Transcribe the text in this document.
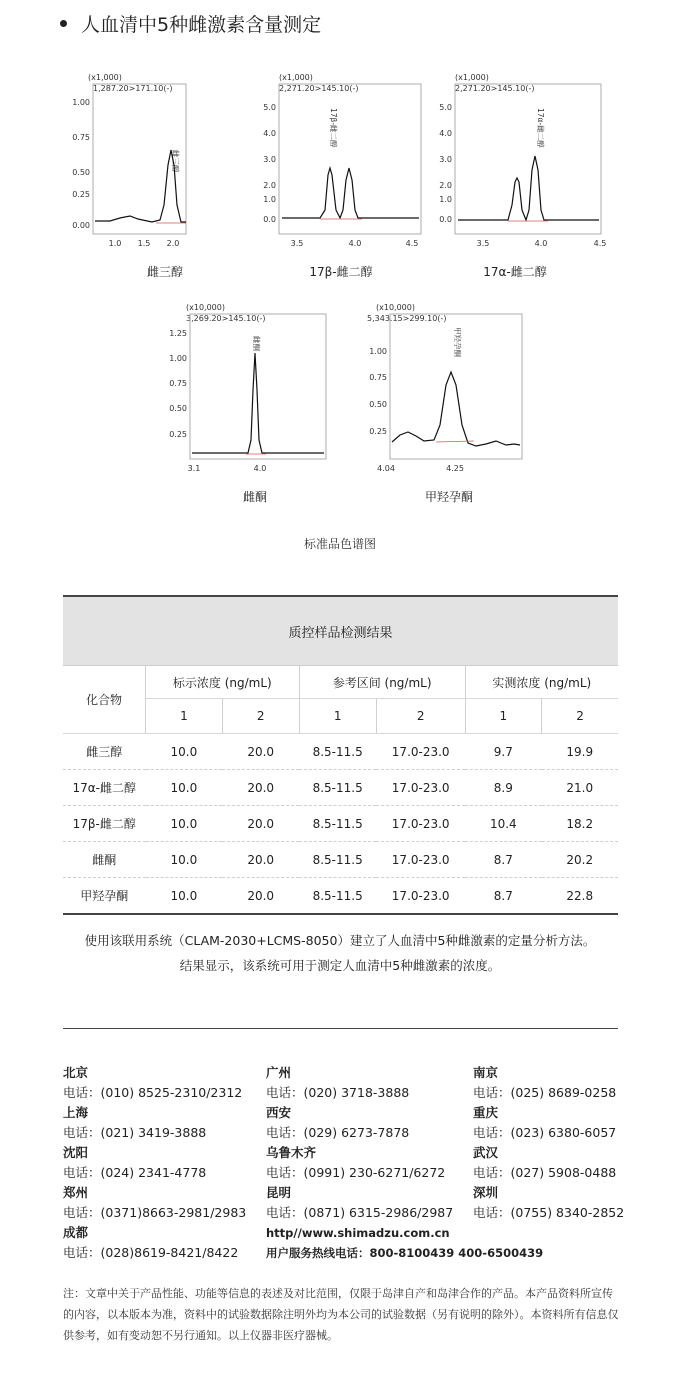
人血清中5种雌激素含量测定
(x1,000)
1,287.20>171.10(-)
1.00
0.75
0.50
0.25
0.00
1.0 1.5 2.0
雌三醇
雌三醇
(x1,000)
2,271.20>145.10(-)
5.0
4.0
3.0
2.0
1.0
0.0
3.5	4.0	4.5
17β-雌二醇
17β-雌二醇
(x1,000)
2,271.20>145.10(-)
5.0
4.0
3.0
2.0
1.0
0.0
3.5	4.0	4.5
17α-雌二醇
17α-雌二醇
(x10,000)
3,269.20>145.10(-)
1.25
1.00
0.75
0.50
0.25
3.1	4.0
雌酮
雌酮
(x10,000)
5,343.15>299.10(-)
1.00
0.75
0.50
0.25
4.04	4.25
甲羟孕酮
甲羟孕酮
标准品色谱图
质控样品检测结果						
化合物	标示浓度 (ng/mL)		参考区间 (ng/mL)		实测浓度 (ng/mL)	
	1	2	1	2	1	2
雌三醇	10.0	20.0	8.5-11.5	17.0-23.0	9.7	19.9
17α-雌二醇	10.0	20.0	8.5-11.5	17.0-23.0	8.9	21.0
17β-雌二醇	10.0	20.0	8.5-11.5	17.0-23.0	10.4	18.2
雌酮	10.0	20.0	8.5-11.5	17.0-23.0	8.7	20.2
甲羟孕酮	10.0	20.0	8.5-11.5	17.0-23.0	8.7	22.8
使用该联用系统（CLAM-2030+LCMS-8050）建立了人血清中5种雌激素的定量分析方法。
结果显示，该系统可用于测定人血清中5种雌激素的浓度。
北京
电话：(010) 8525-2310/2312
上海
电话：(021) 3419-3888
沈阳
电话：(024) 2341-4778
郑州
电话：(0371)8663-2981/2983
成都
电话：(028)8619-8421/8422
广州
电话：(020) 3718-3888
西安
电话：(029) 6273-7878
乌鲁木齐
电话：(0991) 230-6271/6272
昆明
电话：(0871) 6315-2986/2987
http//www.shimadzu.com.cn
用户服务热线电话：800-8100439 400-6500439
南京
电话：(025) 8689-0258
重庆
电话：(023) 6380-6057
武汉
电话：(027) 5908-0488
深圳
电话：(0755) 8340-2852
注：文章中关于产品性能、功能等信息的表述及对比范围，仅限于岛津自产和岛津合作的产品。本产品资料所宣传的内容，以本版本为准，资料中的试验数据除注明外均为本公司的试验数据（另有说明的除外）。本资料所有信息仅供参考，如有变动恕不另行通知。以上仪器非医疗器械。
